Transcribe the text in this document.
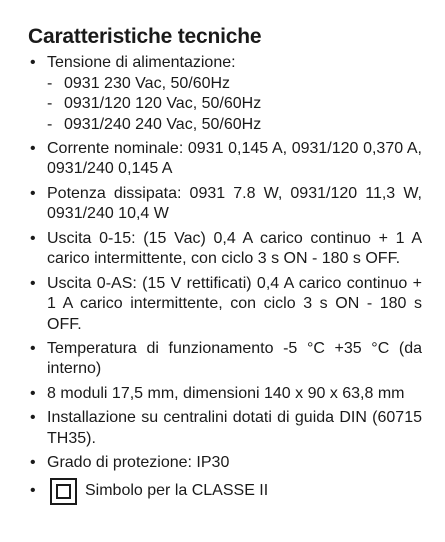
Caratteristiche tecniche
• Tensione di alimentazione:
- 0931 230 Vac, 50/60Hz
- 0931/120 120 Vac, 50/60Hz
- 0931/240 240 Vac, 50/60Hz
• Corrente nominale: 0931 0,145 A, 0931/120 0,370 A, 0931/240 0,145 A
• Potenza dissipata: 0931 7.8 W, 0931/120 11,3 W, 0931/240 10,4 W
• Uscita 0-15: (15 Vac) 0,4 A carico continuo + 1 A carico intermittente, con ciclo 3 s ON - 180 s OFF.
• Uscita 0-AS: (15 V rettificati) 0,4 A carico continuo + 1 A carico intermittente, con ciclo 3 s ON - 180 s OFF.
• Temperatura di funzionamento -5 °C +35 °C (da interno)
• 8 moduli 17,5 mm, dimensioni 140 x 90 x 63,8 mm
• Installazione su centralini dotati di guida DIN (60715 TH35).
• Grado di protezione: IP30
•	Simbolo per la CLASSE II
